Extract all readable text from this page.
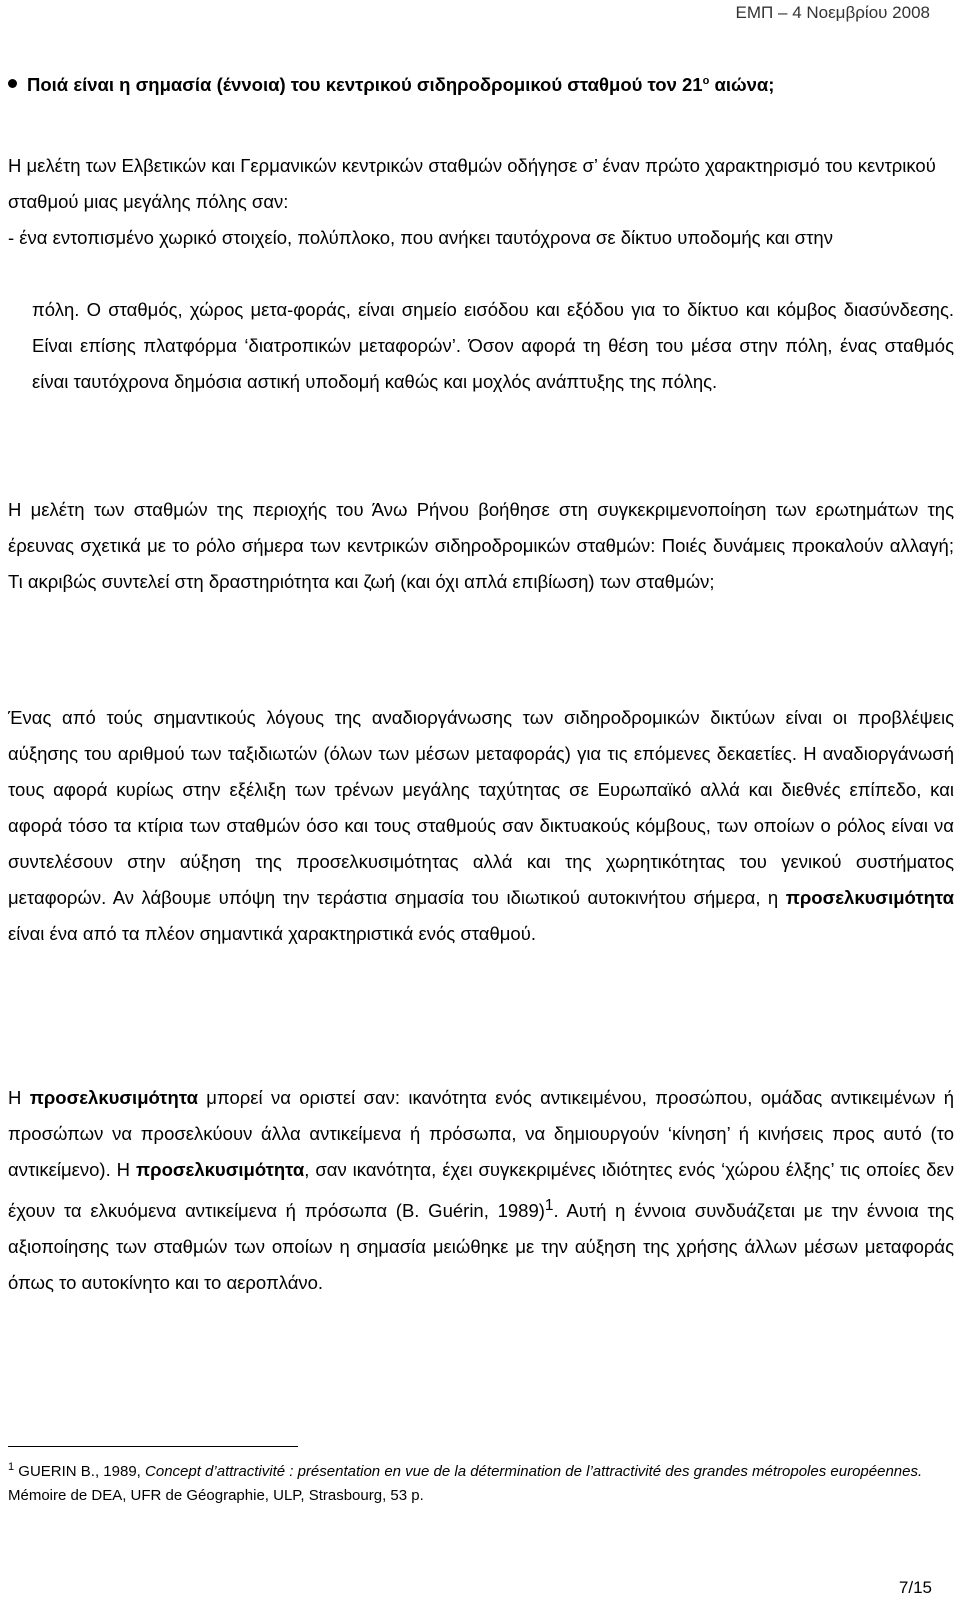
ΕΜΠ – 4 Νοεμβρίου 2008
Ποιά είναι η σημασία (έννοια) του κεντρικού σιδηροδρομικού σταθμού τον $21^o$ αιώνα;

Η μελέτη των Ελβετικών και Γερμανικών κεντρικών σταθμών οδήγησε σ’ έναν πρώτο χαρακτηρισμό του κεντρικού σταθμού μιας μεγάλης πόλης σαν:

- ένα εντοπισμένο χωρικό στοιχείο, πολύπλοκο, που ανήκει ταυτόχρονα σε δίκτυο υποδομής και στην

πόλη. Ο σταθμός, χώρος μετα-φοράς, είναι σημείο εισόδου και εξόδου για το δίκτυο και κόμβος διασύνδεσης. Είναι επίσης πλατφόρμα ‘διατροπικών μεταφορών’. Όσον αφορά τη θέση του μέσα στην πόλη, ένας σταθμός είναι ταυτόχρονα δημόσια αστική υποδομή καθώς και μοχλός ανάπτυξης της πόλης.

Η μελέτη των σταθμών της περιοχής του Άνω Ρήνου βοήθησε στη συγκεκριμενοποίηση των ερωτημάτων της έρευνας σχετικά με το ρόλο σήμερα των κεντρικών σιδηροδρομικών σταθμών: Ποιές δυνάμεις προκαλούν αλλαγή; Τι ακριβώς συντελεί στη δραστηριότητα και ζωή (και όχι απλά επιβίωση) των σταθμών;

Ένας από τούς σημαντικούς λόγους της αναδιοργάνωσης των σιδηροδρομικών δικτύων είναι οι προβλέψεις αύξησης του αριθμού των ταξιδιωτών (όλων των μέσων μεταφοράς) για τις επόμενες δεκαετίες. Η αναδιοργάνωσή τους αφορά κυρίως στην εξέλιξη των τρένων μεγάλης ταχύτητας σε Ευρωπαϊκό αλλά και διεθνές επίπεδο, και αφορά τόσο τα κτίρια των σταθμών όσο και τους σταθμούς σαν δικτυακούς κόμβους, των οποίων ο ρόλος είναι να συντελέσουν στην αύξηση της προσελκυσιμότητας αλλά και της χωρητικότητας του γενικού συστήματος μεταφορών. Αν λάβουμε υπόψη την τεράστια σημασία του ιδιωτικού αυτοκινήτου σήμερα, η προσελκυσιμότητα είναι ένα από τα πλέον σημαντικά χαρακτηριστικά ενός σταθμού.

Η προσελκυσιμότητα μπορεί να οριστεί σαν: ικανότητα ενός αντικειμένου, προσώπου, ομάδας αντικειμένων ή προσώπων να προσελκύουν άλλα αντικείμενα ή πρόσωπα, να δημιουργούν ‘κίνηση’ ή κινήσεις προς αυτό (το αντικείμενο). Η προσελκυσιμότητα, σαν ικανότητα, έχει συγκεκριμένες ιδιότητες ενός ‘χώρου έλξης’ τις οποίες δεν έχουν τα ελκυόμενα αντικείμενα ή πρόσωπα (B. Guérin, 1989)$^1$. Αυτή η έννοια συνδυάζεται με την έννοια της αξιοποίησης των σταθμών των οποίων η σημασία μειώθηκε με την αύξηση της χρήσης άλλων μέσων μεταφοράς όπως το αυτοκίνητο και το αεροπλάνο.

$^1$ GUERIN B., 1989, Concept d’attractivité : présentation en vue de la détermination de l’attractivité des grandes métropoles européennes.
Mémoire de DEA, UFR de Géographie, ULP, Strasbourg, 53 p.
7/15
